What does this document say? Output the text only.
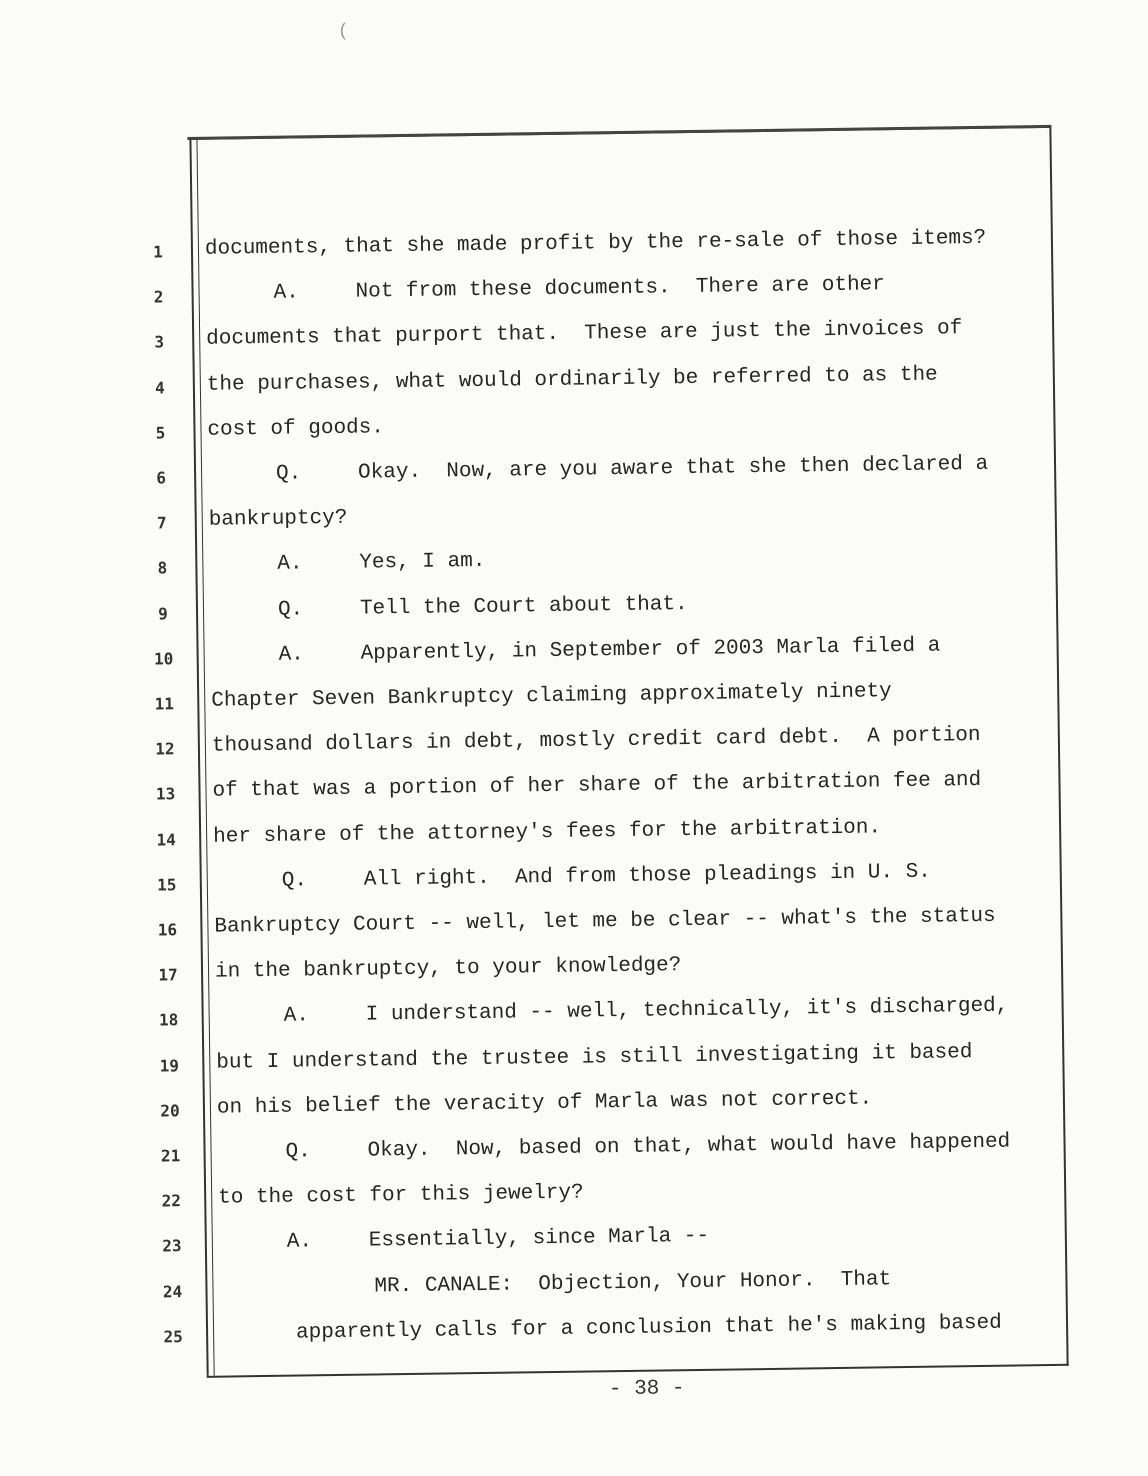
(
1	documents, that she made profit by the re-sale of those items?
2	A.	Not from these documents.  There are other
3	documents that purport that.  These are just the invoices of
4	the purchases, what would ordinarily be referred to as the
5	cost of goods.
6	Q.	Okay.  Now, are you aware that she then declared a
7	bankruptcy?
8	A.	Yes, I am.
9	Q.	Tell the Court about that.
10	A.	Apparently, in September of 2003 Marla filed a
11 Chapter Seven Bankruptcy claiming approximately ninety
12 thousand dollars in debt, mostly credit card debt.  A portion
13 of that was a portion of her share of the arbitration fee and
14 her share of the attorney's fees for the arbitration.
15	Q.	All right.  And from those pleadings in U. S.
16 Bankruptcy Court -- well, let me be clear -- what's the status
17 in the bankruptcy, to your knowledge?
18	A.	I understand -- well, technically, it's discharged,
19 but I understand the trustee is still investigating it based
20 on his belief the veracity of Marla was not correct.
21	Q.	Okay.  Now, based on that, what would have happened
22 to the cost for this jewelry?
23	A.	Essentially, since Marla --
24	MR. CANALE:  Objection, Your Honor.  That
25	apparently calls for a conclusion that he's making based
- 38 -
